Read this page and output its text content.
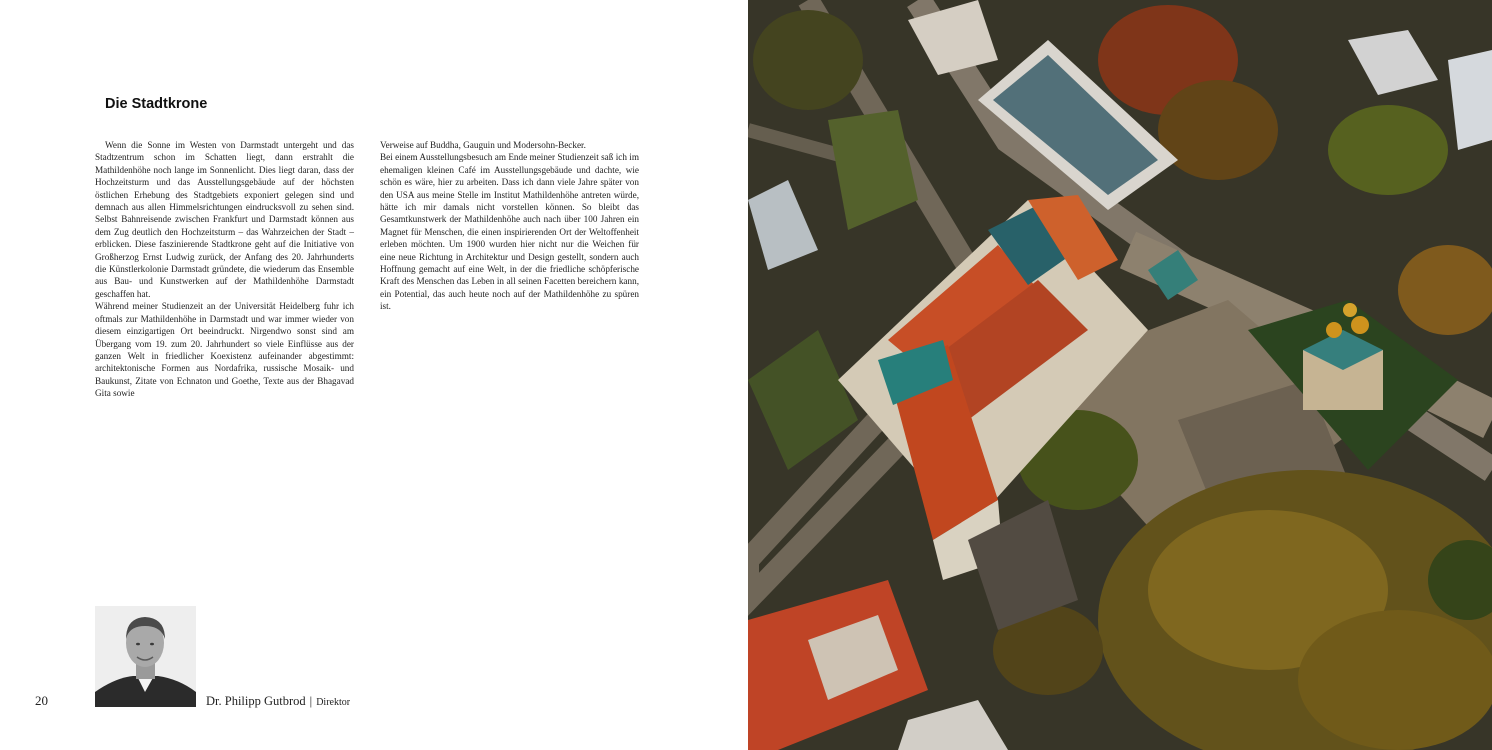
Die Stadtkrone

Wenn die Sonne im Westen von Darmstadt untergeht und das Stadtzentrum schon im Schatten liegt, dann erstrahlt die Mathildenhöhe noch lange im Sonnenlicht. Dies liegt daran, dass der Hochzeitsturm und das Ausstellungsgebäude auf der höchsten östlichen Erhebung des Stadtgebiets exponiert gelegen sind und demnach aus allen Himmelsrichtungen eindrucksvoll zu sehen sind. Selbst Bahnreisende zwischen Frankfurt und Darmstadt können aus dem Zug deutlich den Hochzeitsturm – das Wahrzeichen der Stadt – erblicken. Diese faszinierende Stadtkrone geht auf die Initiative von Großherzog Ernst Ludwig zurück, der Anfang des 20. Jahrhunderts die Künstlerkolonie Darmstadt gründete, die wiederum das Ensemble aus Bau- und Kunstwerken auf der Mathildenhöhe Darmstadt geschaffen hat.

Während meiner Studienzeit an der Universität Heidelberg fuhr ich oftmals zur Mathildenhöhe in Darmstadt und war immer wieder von diesem einzigartigen Ort beeindruckt. Nirgendwo sonst sind am Übergang vom 19. zum 20. Jahrhundert so viele Einflüsse aus der ganzen Welt in friedlicher Koexistenz aufeinander abgestimmt: architektonische Formen aus Nordafrika, russische Mosaik- und Baukunst, Zitate von Echnaton und Goethe, Texte aus der Bhagavad Gita sowie

Verweise auf Buddha, Gauguin und Modersohn-Becker.

Bei einem Ausstellungsbesuch am Ende meiner Studienzeit saß ich im ehemaligen kleinen Café im Ausstellungsgebäude und dachte, wie schön es wäre, hier zu arbeiten. Dass ich dann viele Jahre später von den USA aus meine Stelle im Institut Mathildenhöhe antreten würde, hätte ich mir damals nicht vorstellen können. So bleibt das Gesamtkunstwerk der Mathildenhöhe auch nach über 100 Jahren ein Magnet für Menschen, die einen inspirierenden Ort der Weltoffenheit erleben möchten. Um 1900 wurden hier nicht nur die Weichen für eine neue Richtung in Architektur und Design gestellt, sondern auch Hoffnung gemacht auf eine Welt, in der die friedliche schöpferische Kraft des Menschen das Leben in all seinen Facetten bereichern kann, ein Potential, das auch heute noch auf der Mathildenhöhe zu spüren ist.

20	Dr. Philipp Gutbrod | Direktor
